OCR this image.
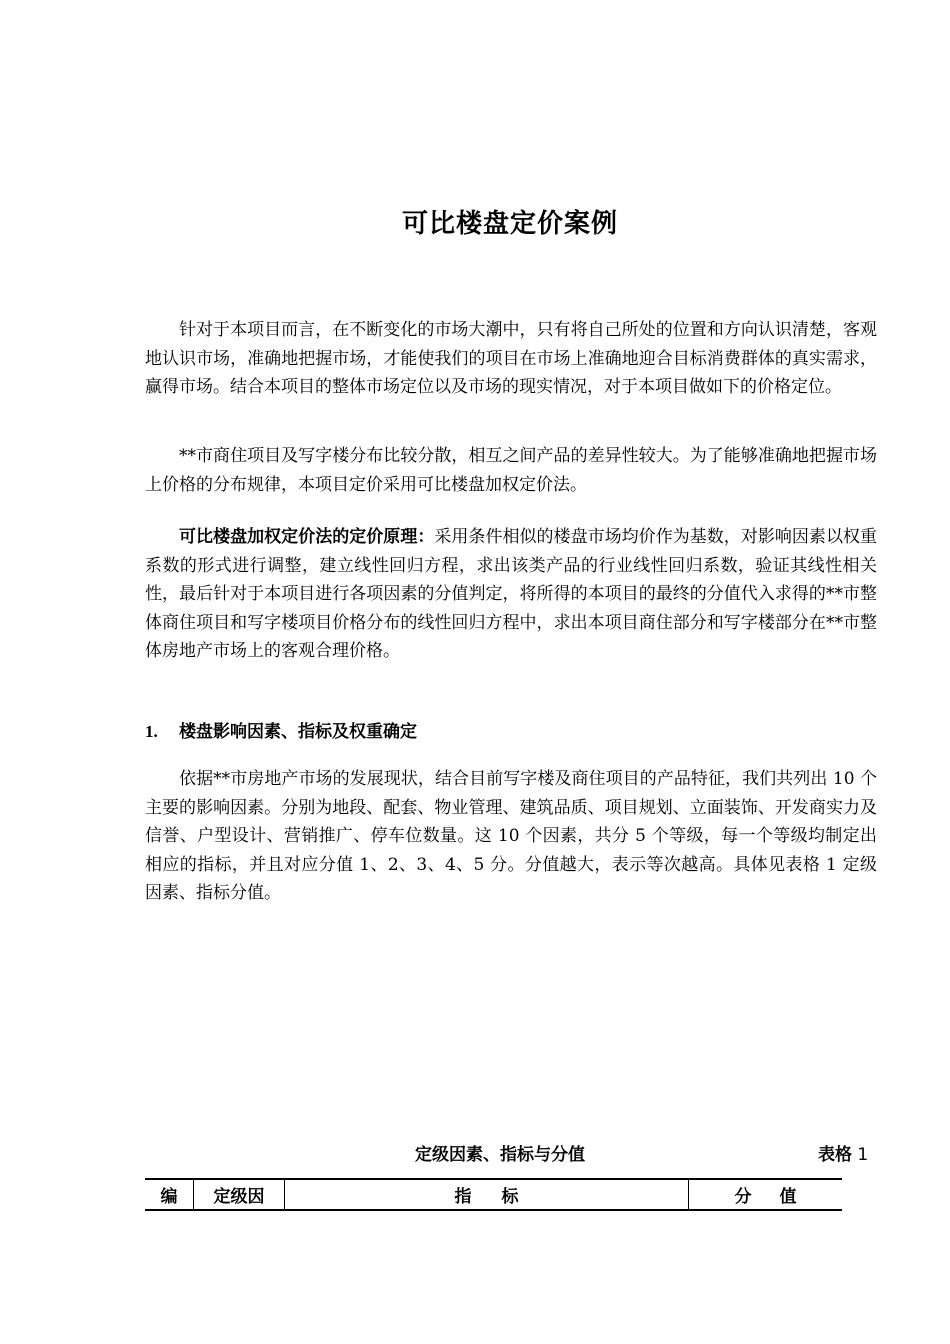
可比楼盘定价案例

针对于本项目而言，在不断变化的市场大潮中，只有将自己所处的位置和方向认识清楚，客观地认识市场，准确地把握市场，才能使我们的项目在市场上准确地迎合目标消费群体的真实需求，赢得市场。结合本项目的整体市场定位以及市场的现实情况，对于本项目做如下的价格定位。

**市商住项目及写字楼分布比较分散，相互之间产品的差异性较大。为了能够准确地把握市场上价格的分布规律，本项目定价采用可比楼盘加权定价法。

可比楼盘加权定价法的定价原理：采用条件相似的楼盘市场均价作为基数，对影响因素以权重系数的形式进行调整，建立线性回归方程，求出该类产品的行业线性回归系数，验证其线性相关性，最后针对于本项目进行各项因素的分值判定，将所得的本项目的最终的分值代入求得的**市整体商住项目和写字楼项目价格分布的线性回归方程中，求出本项目商住部分和写字楼部分在**市整体房地产市场上的客观合理价格。

1. 楼盘影响因素、指标及权重确定

依据**市房地产市场的发展现状，结合目前写字楼及商住项目的产品特征，我们共列出 10 个主要的影响因素。分别为地段、配套、物业管理、建筑品质、项目规划、立面装饰、开发商实力及信誉、户型设计、营销推广、停车位数量。这 10 个因素，共分 5 个等级，每一个等级均制定出相应的指标，并且对应分值 1、2、3、4、5 分。分值越大，表示等次越高。具体见表格 1 定级因素、指标分值。

定级因素、指标与分值	表格 1
编	定级因	指标	分值
